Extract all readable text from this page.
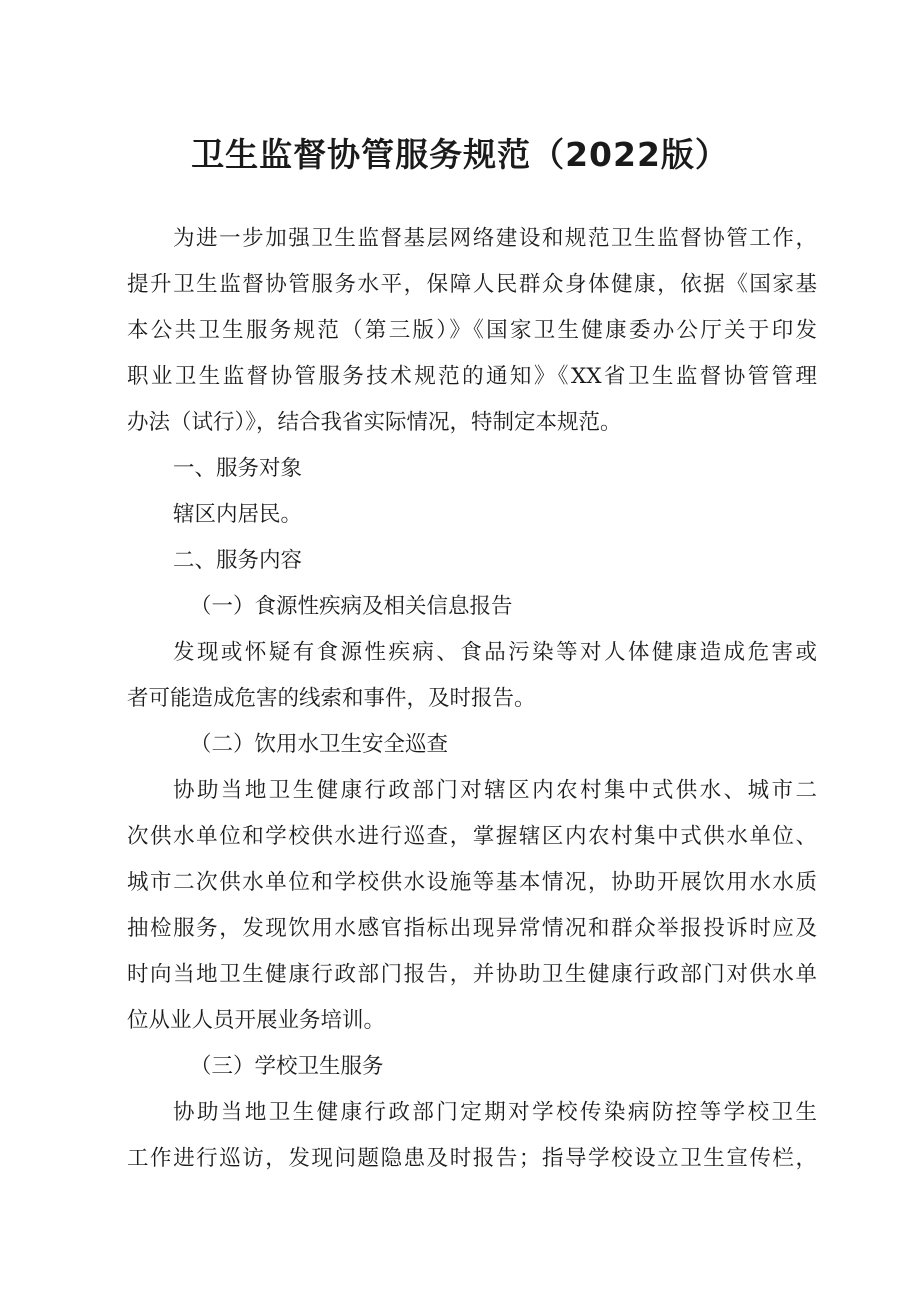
卫生监督协管服务规范（2022版）

为进一步加强卫生监督基层网络建设和规范卫生监督协管工作，

提升卫生监督协管服务水平，保障人民群众身体健康，依据《国家基

本公共卫生服务规范（第三版）》《国家卫生健康委办公厅关于印发

职业卫生监督协管服务技术规范的通知》《XX省卫生监督协管管理

办法（试行）》，结合我省实际情况，特制定本规范。

一、服务对象

辖区内居民。

二、服务内容

（一）食源性疾病及相关信息报告

发现或怀疑有食源性疾病、食品污染等对人体健康造成危害或

者可能造成危害的线索和事件，及时报告。

（二）饮用水卫生安全巡查

协助当地卫生健康行政部门对辖区内农村集中式供水、城市二

次供水单位和学校供水进行巡查，掌握辖区内农村集中式供水单位、

城市二次供水单位和学校供水设施等基本情况，协助开展饮用水水质

抽检服务，发现饮用水感官指标出现异常情况和群众举报投诉时应及

时向当地卫生健康行政部门报告，并协助卫生健康行政部门对供水单

位从业人员开展业务培训。

（三）学校卫生服务

协助当地卫生健康行政部门定期对学校传染病防控等学校卫生

工作进行巡访，发现问题隐患及时报告；指导学校设立卫生宣传栏，
